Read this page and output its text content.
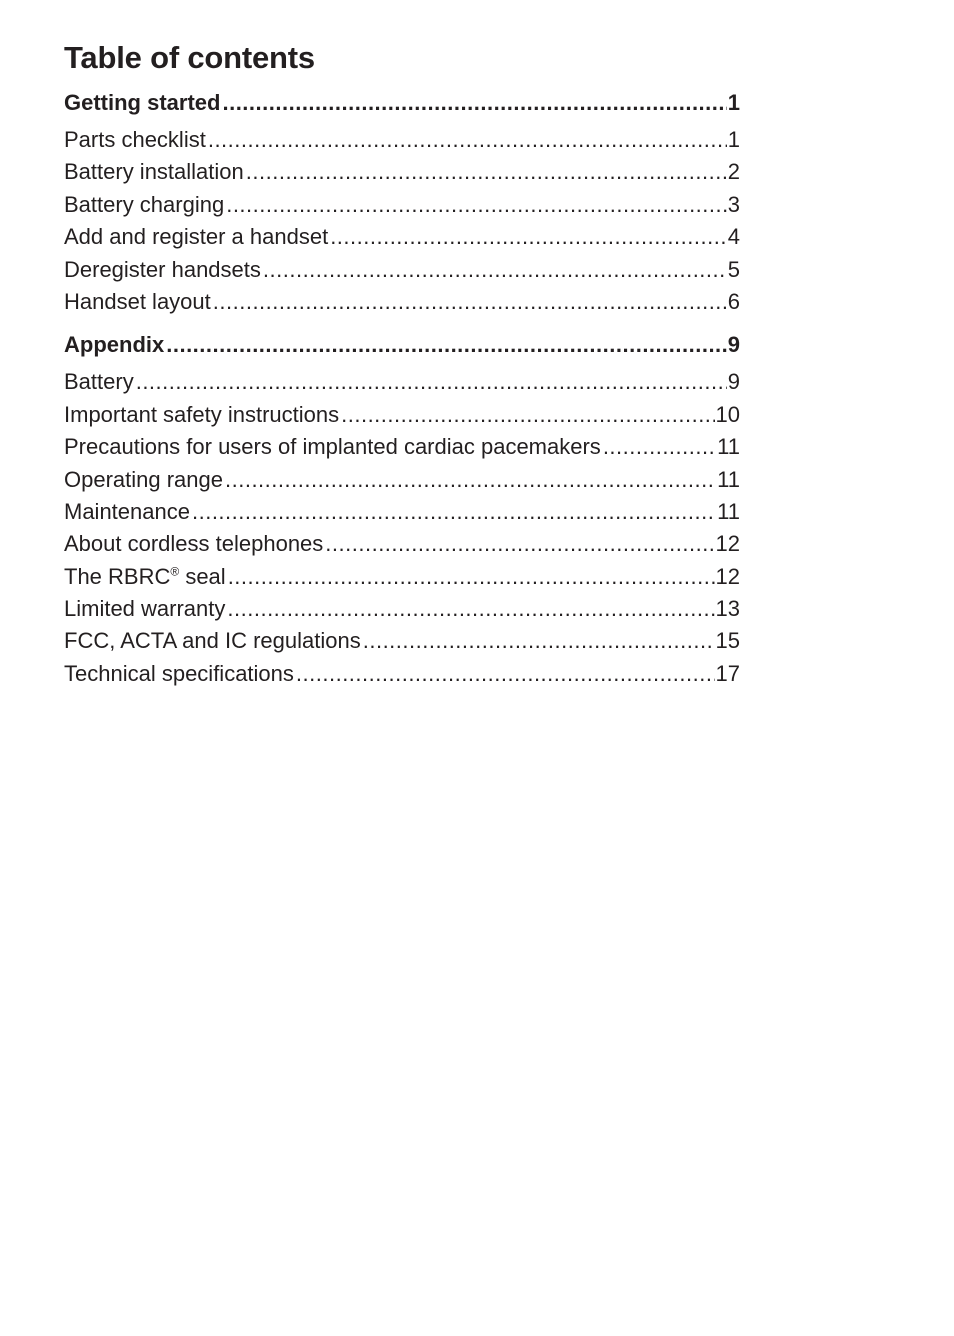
Table of contents
Getting started .....	1
Parts checklist .....	1
Battery installation .....	2
Battery charging .....	3
Add and register a handset .....	4
Deregister handsets .....	5
Handset layout .....	6
Appendix .....	9
Battery .....	9
Important safety instructions .....	10
Precautions for users of implanted cardiac pacemakers .....	11
Operating range .....	11
Maintenance .....	11
About cordless telephones .....	12
The RBRC® seal .....	12
Limited warranty .....	13
FCC, ACTA and IC regulations .....	15
Technical specifications .....	17
